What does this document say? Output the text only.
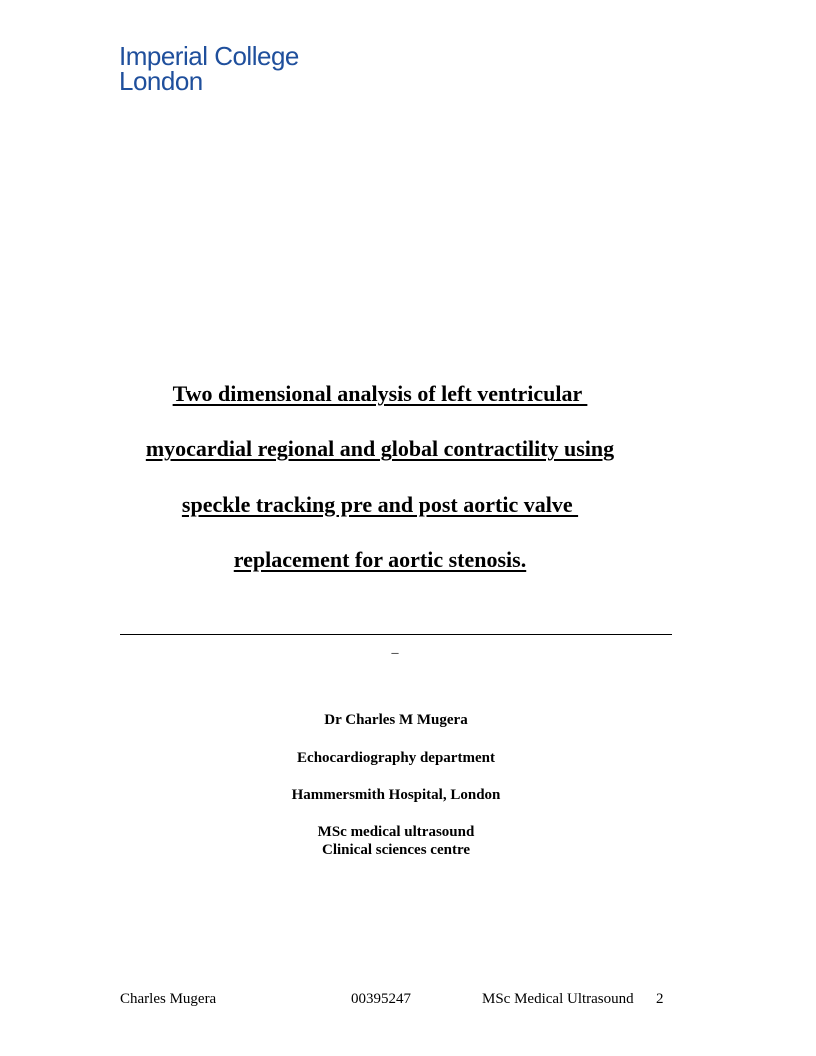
Imperial College
London
Two dimensional analysis of left ventricular
myocardial regional and global contractility using
speckle tracking pre and post aortic valve
replacement for aortic stenosis.
_
Dr Charles M Mugera
Echocardiography department
Hammersmith Hospital, London
MSc medical ultrasound
Clinical sciences centre
Charles Mugera	00395247	MSc Medical Ultrasound 2
